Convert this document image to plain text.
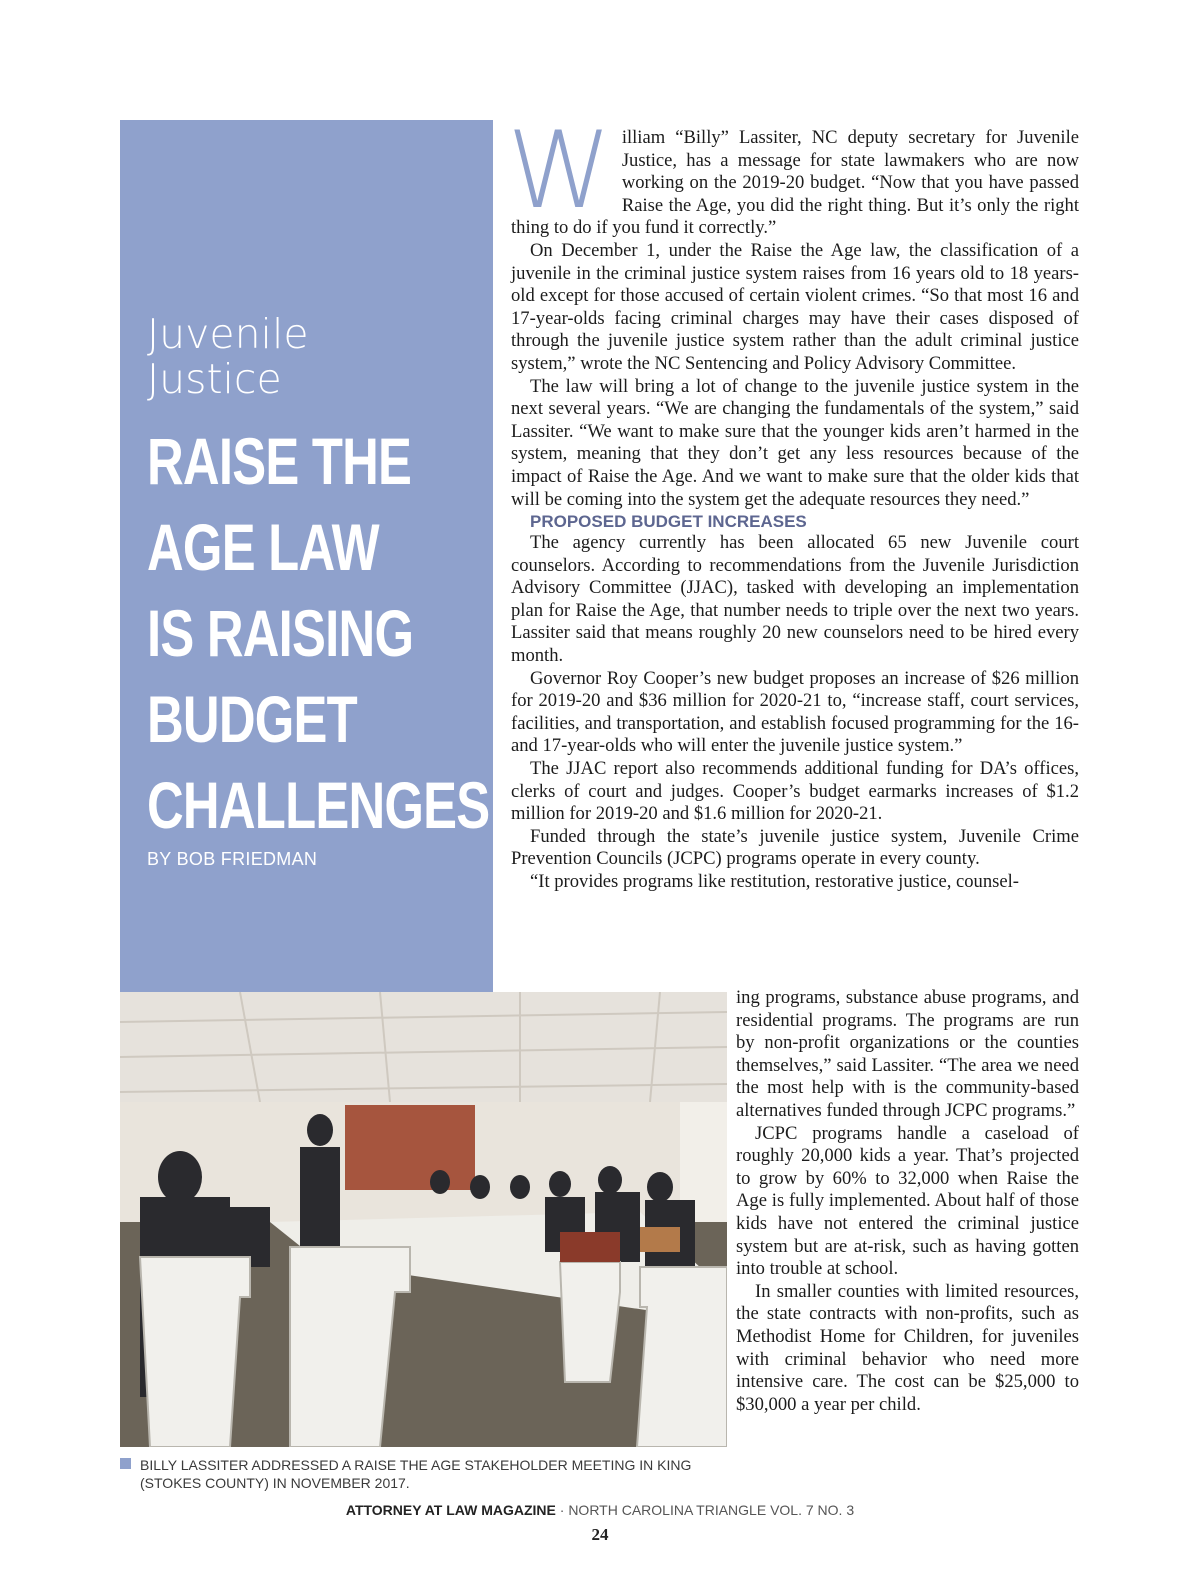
Juvenile
Justice
RAISE THE
AGE LAW
IS RAISING
BUDGET
CHALLENGES
BY BOB FRIEDMAN

William “Billy” Lassiter, NC deputy secretary for Juvenile Justice, has a message for state lawmakers who are now working on the 2019-20 budget. “Now that you have passed Raise the Age, you did the right thing. But it’s only the right thing to do if you fund it correctly.”

On December 1, under the Raise the Age law, the classification of a juvenile in the criminal justice system raises from 16 years old to 18 years-old except for those accused of certain violent crimes. “So that most 16 and 17-year-olds facing criminal charges may have their cases disposed of through the juvenile justice system rather than the adult criminal justice system,” wrote the NC Sentencing and Policy Advisory Committee.

The law will bring a lot of change to the juvenile justice system in the next several years. “We are changing the fundamentals of the system,” said Lassiter. “We want to make sure that the younger kids aren’t harmed in the system, meaning that they don’t get any less resources because of the impact of Raise the Age. And we want to make sure that the older kids that will be coming into the system get the adequate resources they need.”

PROPOSED BUDGET INCREASES

The agency currently has been allocated 65 new Juvenile court counselors. According to recommendations from the Juvenile Jurisdiction Advisory Committee (JJAC), tasked with developing an implementation plan for Raise the Age, that number needs to triple over the next two years. Lassiter said that means roughly 20 new counselors need to be hired every month.

Governor Roy Cooper’s new budget proposes an increase of $26 million for 2019-20 and $36 million for 2020-21 to, “increase staff, court services, facilities, and transportation, and establish focused programming for the 16- and 17-year-olds who will enter the juvenile justice system.”

The JJAC report also recommends additional funding for DA’s offices, clerks of court and judges. Cooper’s budget earmarks increases of $1.2 million for 2019-20 and $1.6 million for 2020-21.

Funded through the state’s juvenile justice system, Juvenile Crime Prevention Councils (JCPC) programs operate in every county.

“It provides programs like restitution, restorative justice, counsel-

ing programs, substance abuse programs, and residential programs. The programs are run by non-profit organizations or the counties themselves,” said Lassiter. “The area we need the most help with is the community-based alternatives funded through JCPC programs.”

JCPC programs handle a caseload of roughly 20,000 kids a year. That’s projected to grow by 60% to 32,000 when Raise the Age is fully implemented. About half of those kids have not entered the criminal justice system but are at-risk, such as having gotten into trouble at school.

In smaller counties with limited resources, the state contracts with non-profits, such as Methodist Home for Children, for juveniles with criminal behavior who need more intensive care. The cost can be $25,000 to $30,000 a year per child.

BILLY LASSITER ADDRESSED A RAISE THE AGE STAKEHOLDER MEETING IN KING (STOKES COUNTY) IN NOVEMBER 2017.
ATTORNEY AT LAW MAGAZINE · NORTH CAROLINA TRIANGLE VOL. 7 NO. 3
24
